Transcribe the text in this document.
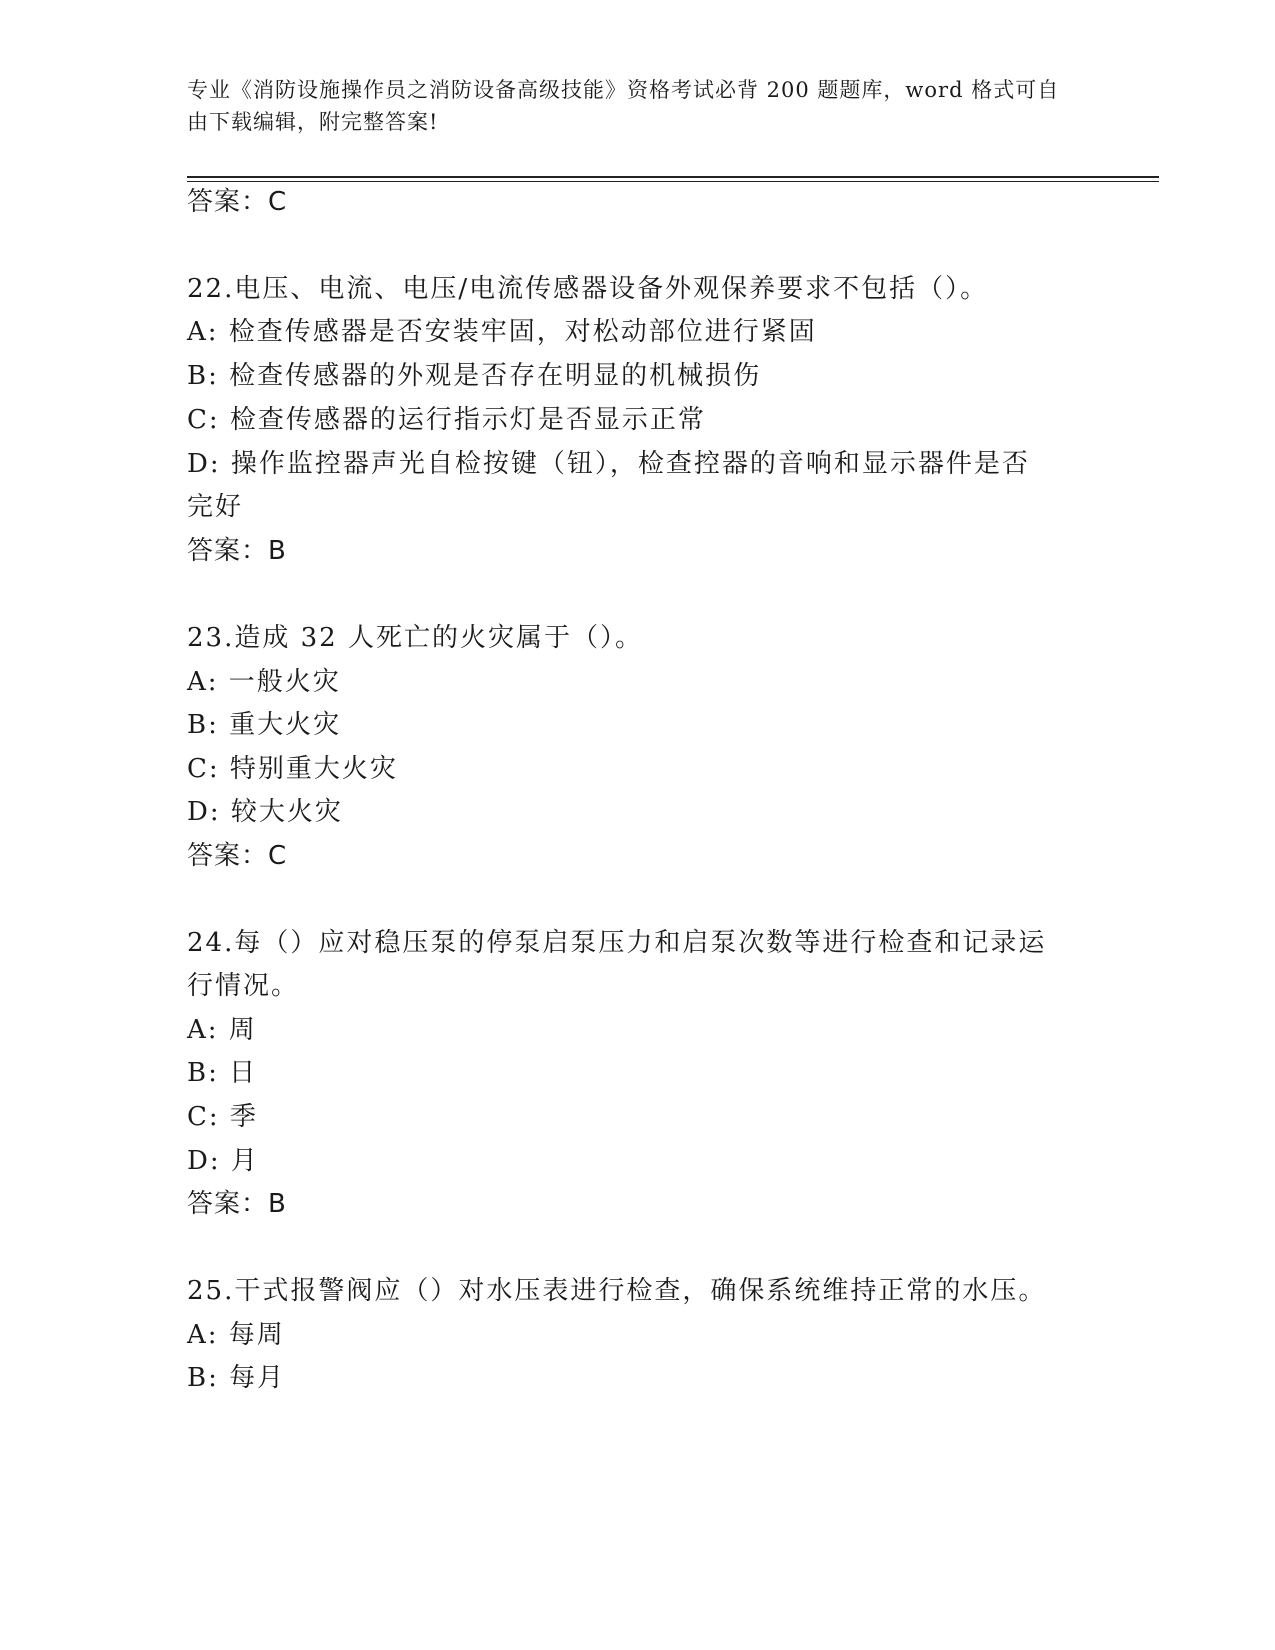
专业《消防设施操作员之消防设备高级技能》资格考试必背 200 题题库，word 格式可自由下载编辑，附完整答案!
答案：C
22.电压、电流、电压/电流传感器设备外观保养要求不包括（）。
A: 检查传感器是否安装牢固，对松动部位进行紧固
B: 检查传感器的外观是否存在明显的机械损伤
C: 检查传感器的运行指示灯是否显示正常
D: 操作监控器声光自检按键（钮），检查控器的音响和显示器件是否
完好
答案：B
23.造成 32 人死亡的火灾属于（）。
A: 一般火灾
B: 重大火灾
C: 特别重大火灾
D: 较大火灾
答案：C
24.每（）应对稳压泵的停泵启泵压力和启泵次数等进行检查和记录运
行情况。
A: 周
B: 日
C: 季
D: 月
答案：B
25.干式报警阀应（）对水压表进行检查，确保系统维持正常的水压。
A: 每周
B: 每月
